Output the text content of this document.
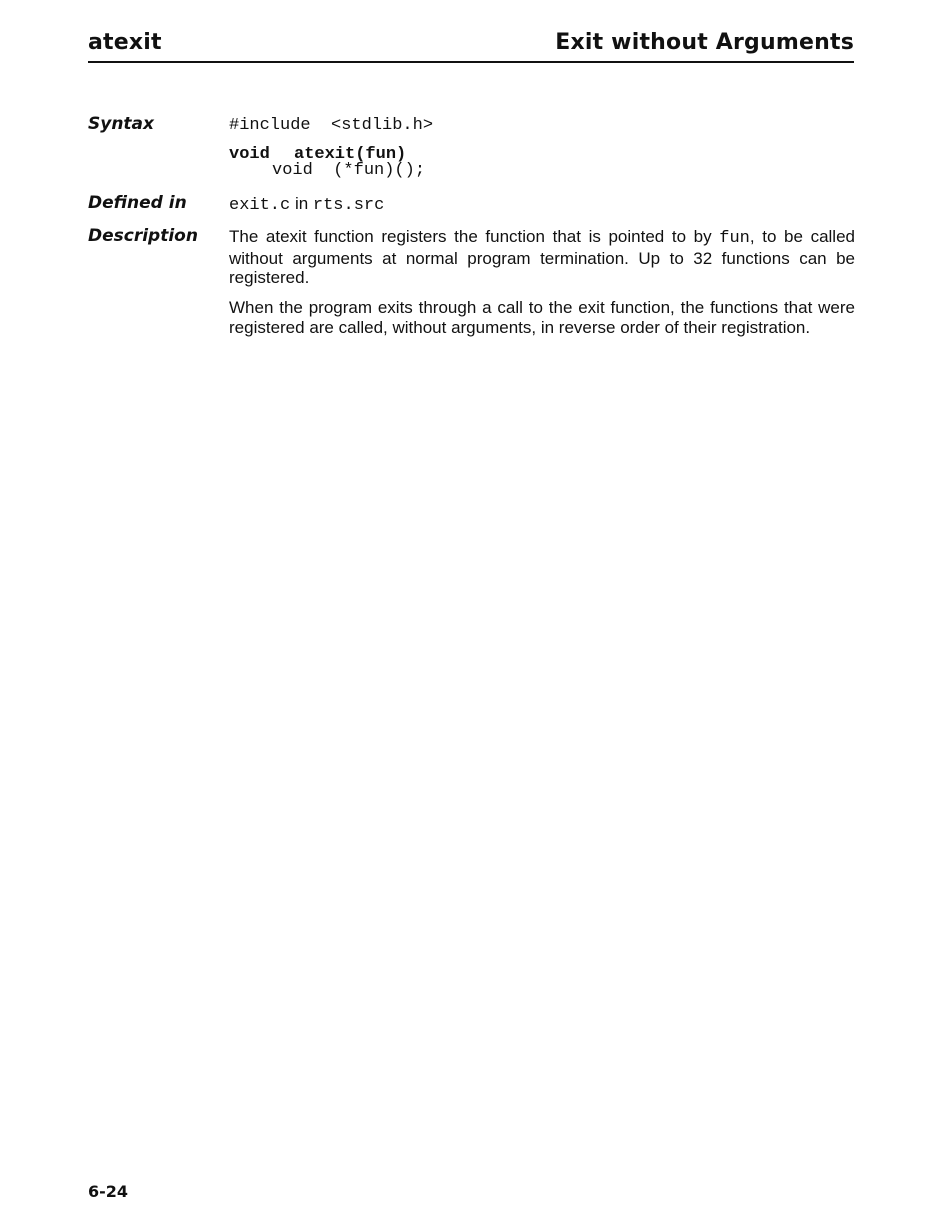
atexit	Exit without Arguments
Syntax	#include  <stdlib.h>
void atexit(fun)
void  (*fun)();
Defined in exit.c in rts.src
Description The atexit function registers the function that is pointed to by fun, to be called without arguments at normal program termination. Up to 32 functions can be registered.
When the program exits through a call to the exit function, the functions that were registered are called, without arguments, in reverse order of their registration.
6-24
